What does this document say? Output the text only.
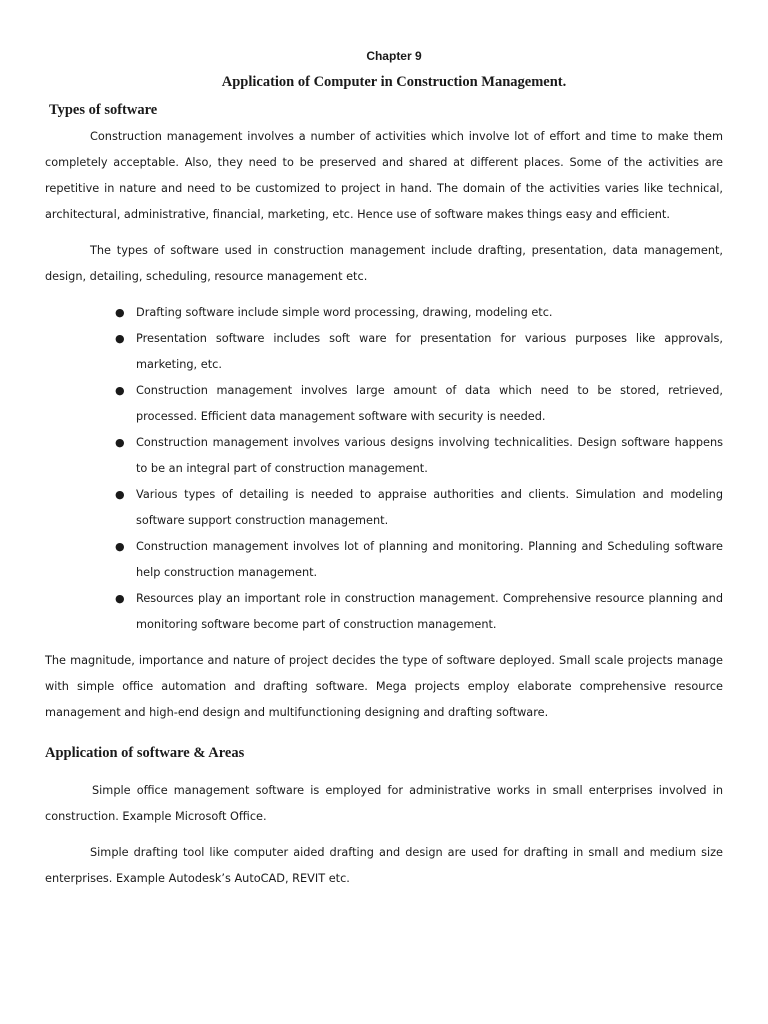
Chapter 9
Application of Computer in Construction Management.
Types of software

Construction management involves a number of activities which involve lot of effort and time to make them completely acceptable. Also, they need to be preserved and shared at different places. Some of the activities are repetitive in nature and need to be customized to project in hand. The domain of the activities varies like technical, architectural, administrative, financial, marketing, etc. Hence use of software makes things easy and efficient.

The types of software used in construction management include drafting, presentation, data management, design, detailing, scheduling, resource management etc.

● Drafting software include simple word processing, drawing, modeling etc.
● Presentation software includes soft ware for presentation for various purposes like approvals, marketing, etc.
● Construction management involves large amount of data which need to be stored, retrieved, processed. Efficient data management software with security is needed.
● Construction management involves various designs involving technicalities. Design software happens to be an integral part of construction management.
● Various types of detailing is needed to appraise authorities and clients. Simulation and modeling software support construction management.
● Construction management involves lot of planning and monitoring. Planning and Scheduling software help construction management.
● Resources play an important role in construction management. Comprehensive resource planning and monitoring software become part of construction management.

The magnitude, importance and nature of project decides the type of software deployed. Small scale projects manage with simple office automation and drafting software. Mega projects employ elaborate comprehensive resource management and high-end design and multifunctioning designing and drafting software.

Application of software & Areas

Simple office management software is employed for administrative works in small enterprises involved in construction. Example Microsoft Office.

Simple drafting tool like computer aided drafting and design are used for drafting in small and medium size enterprises. Example Autodesk’s AutoCAD, REVIT etc.
